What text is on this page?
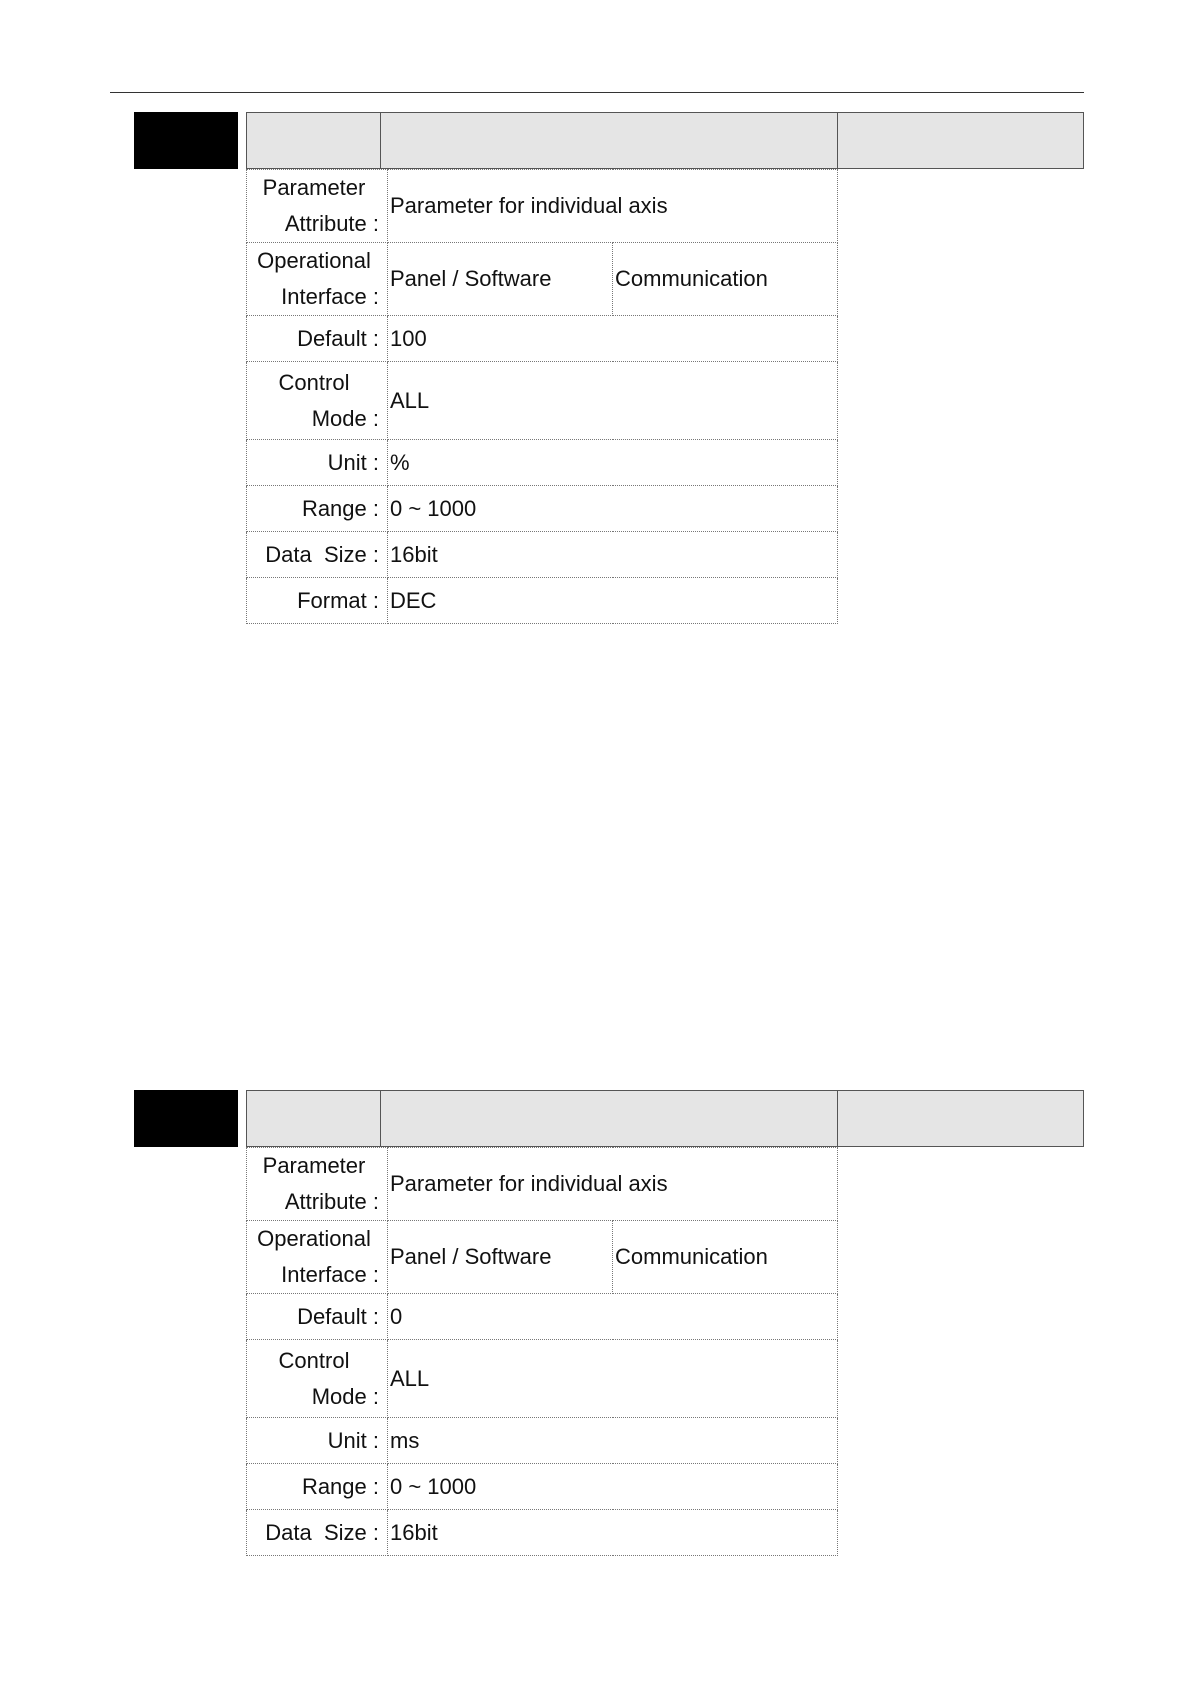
Parameter
Attribute :	Parameter for individual axis	

Operational
Interface :	Panel / Software	Communication
Default :	100	

Control
Mode :	ALL	
Unit :	%	
Range :	0 ~ 1000	
Data  Size :	16bit	
Format :	DEC	
Parameter
Attribute :	Parameter for individual axis	

Operational
Interface :	Panel / Software	Communication
Default :	0	

Control
Mode :	ALL	
Unit :	ms	
Range :	0 ~ 1000	
Data  Size :	16bit	
